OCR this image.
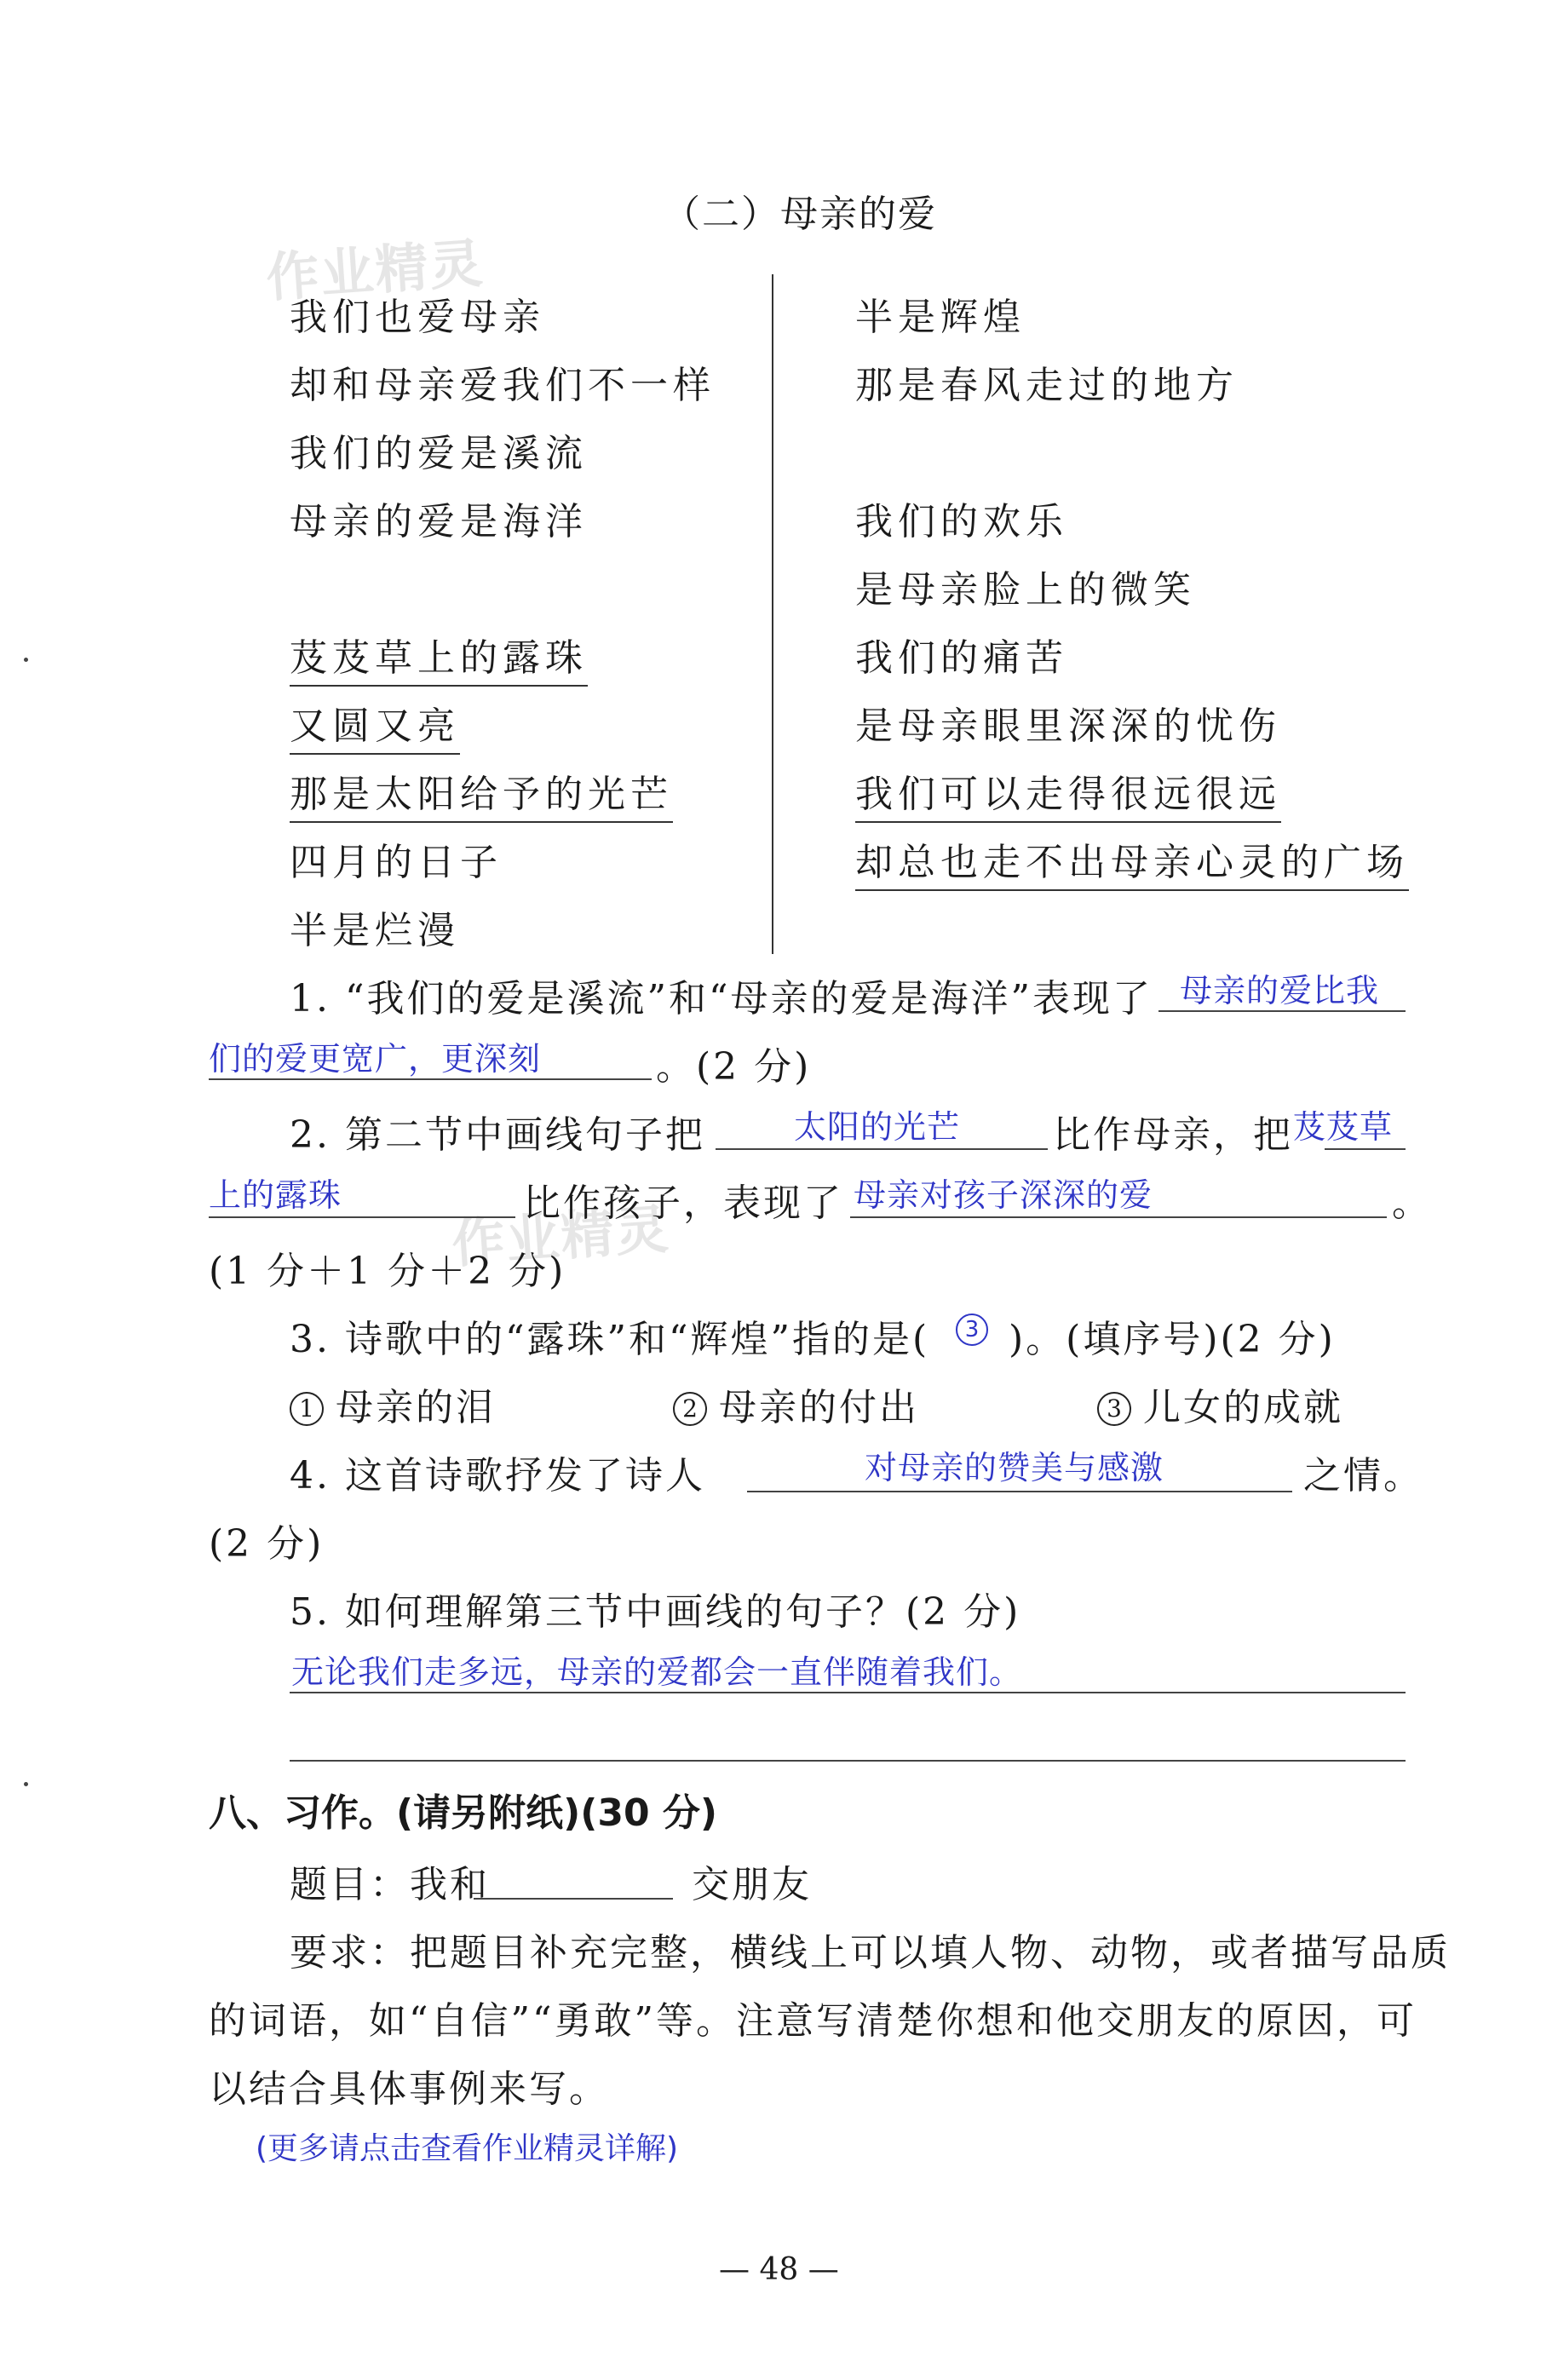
作业精灵
作业精灵
（二）母亲的爱
我们也爱母亲
却和母亲爱我们不一样
我们的爱是溪流
母亲的爱是海洋
芨芨草上的露珠
又圆又亮
那是太阳给予的光芒
四月的日子
半是烂漫
半是辉煌
那是春风走过的地方
我们的欢乐
是母亲脸上的微笑
我们的痛苦
是母亲眼里深深的忧伤
我们可以走得很远很远
却总也走不出母亲心灵的广场
1. “我们的爱是溪流”和“母亲的爱是海洋”表现了 母亲的爱比我
们的爱更宽广，更深刻	。(2 分)
2. 第二节中画线句子把	太阳的光芒 比作母亲，把 芨芨草
上的露珠	比作孩子，表现了 母亲对孩子深深的爱	。
(1 分＋1 分＋2 分)
3. 诗歌中的“露珠”和“辉煌”指的是(	3 )。(填序号)(2 分)
1 母亲的泪	2 母亲的付出	3 儿女的成就
4. 这首诗歌抒发了诗人	对母亲的赞美与感激	之情。
(2 分)
5. 如何理解第三节中画线的句子？(2 分)
无论我们走多远，母亲的爱都会一直伴随着我们。
八、习作。(请另附纸)(30 分)
题目：我和	交朋友
要求：把题目补充完整，横线上可以填人物、动物，或者描写品质
的词语，如“自信”“勇敢”等。注意写清楚你想和他交朋友的原因，可
以结合具体事例来写。
(更多请点击查看作业精灵详解)
— 48 —
